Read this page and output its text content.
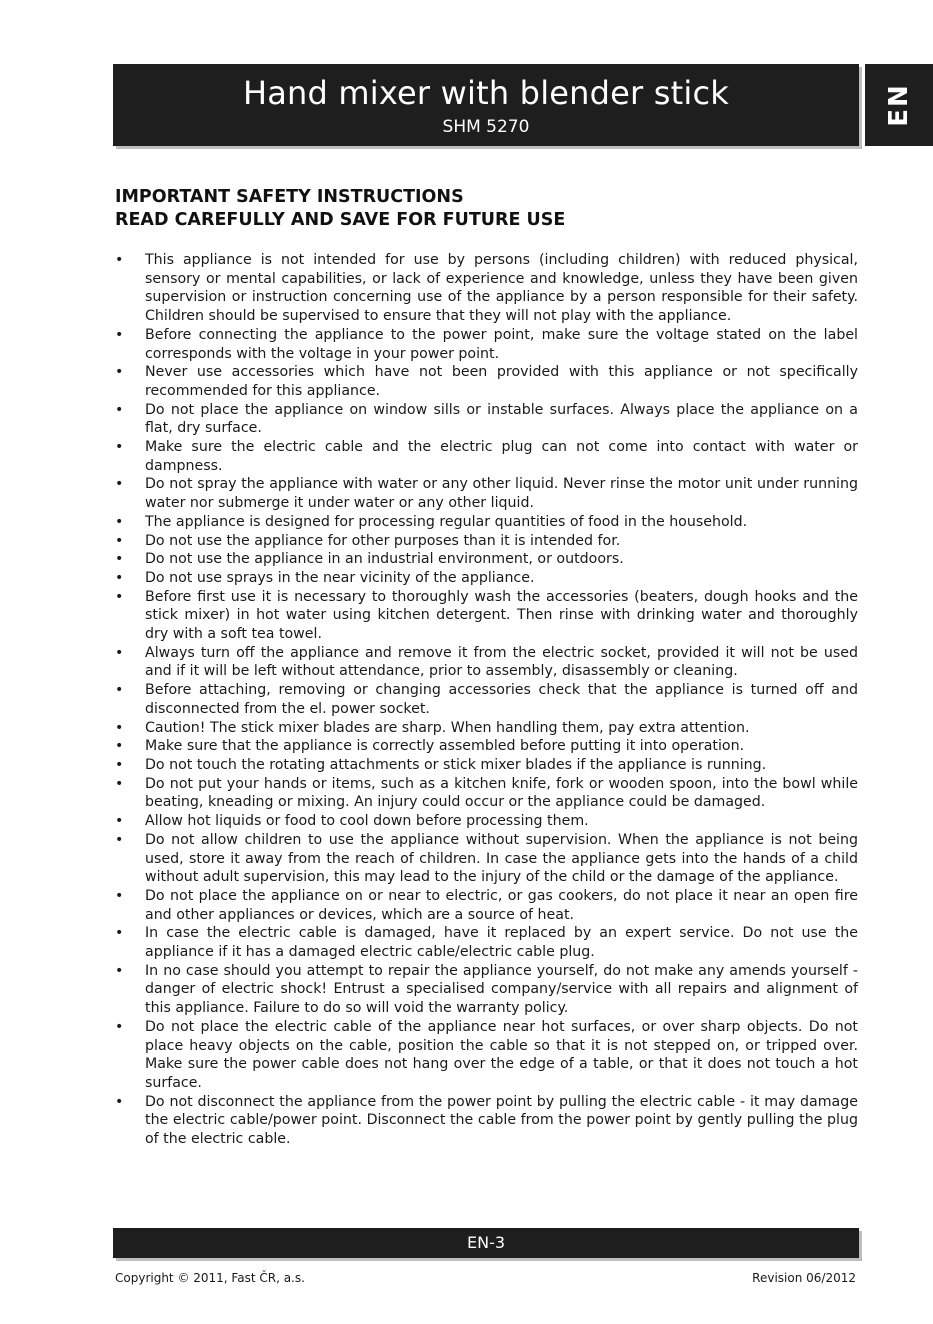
Hand mixer with blender stick
SHM 5270
EN
IMPORTANT SAFETY INSTRUCTIONS
READ CAREFULLY AND SAVE FOR FUTURE USE
• This appliance is not intended for use by persons (including children) with reduced physical, sensory or mental capabilities, or lack of experience and knowledge, unless they have been given supervision or instruction concerning use of the appliance by a person responsible for their safety. Children should be supervised to ensure that they will not play with the appliance.
• Before connecting the appliance to the power point, make sure the voltage stated on the label corresponds with the voltage in your power point.
• Never use accessories which have not been provided with this appliance or not specifically recommended for this appliance.
• Do not place the appliance on window sills or instable surfaces. Always place the appliance on a flat, dry surface.
• Make sure the electric cable and the electric plug can not come into contact with water or dampness.
• Do not spray the appliance with water or any other liquid. Never rinse the motor unit under running water nor submerge it under water or any other liquid.
• The appliance is designed for processing regular quantities of food in the household.
• Do not use the appliance for other purposes than it is intended for.
• Do not use the appliance in an industrial environment, or outdoors.
• Do not use sprays in the near vicinity of the appliance.
• Before first use it is necessary to thoroughly wash the accessories (beaters, dough hooks and the stick mixer) in hot water using kitchen detergent. Then rinse with drinking water and thoroughly dry with a soft tea towel.
• Always turn off the appliance and remove it from the electric socket, provided it will not be used and if it will be left without attendance, prior to assembly, disassembly or cleaning.
• Before attaching, removing or changing accessories check that the appliance is turned off and disconnected from the el. power socket.
• Caution! The stick mixer blades are sharp. When handling them, pay extra attention.
• Make sure that the appliance is correctly assembled before putting it into operation.
• Do not touch the rotating attachments or stick mixer blades if the appliance is running.
• Do not put your hands or items, such as a kitchen knife, fork or wooden spoon, into the bowl while beating, kneading or mixing. An injury could occur or the appliance could be damaged.
• Allow hot liquids or food to cool down before processing them.
• Do not allow children to use the appliance without supervision. When the appliance is not being used, store it away from the reach of children. In case the appliance gets into the hands of a child without adult supervision, this may lead to the injury of the child or the damage of the appliance.
• Do not place the appliance on or near to electric, or gas cookers, do not place it near an open fire and other appliances or devices, which are a source of heat.
• In case the electric cable is damaged, have it replaced by an expert service. Do not use the appliance if it has a damaged electric cable/electric cable plug.
• In no case should you attempt to repair the appliance yourself, do not make any amends yourself - danger of electric shock! Entrust a specialised company/service with all repairs and alignment of this appliance. Failure to do so will void the warranty policy.
• Do not place the electric cable of the appliance near hot surfaces, or over sharp objects. Do not place heavy objects on the cable, position the cable so that it is not stepped on, or tripped over. Make sure the power cable does not hang over the edge of a table, or that it does not touch a hot surface.
• Do not disconnect the appliance from the power point by pulling the electric cable - it may damage the electric cable/power point. Disconnect the cable from the power point by gently pulling the plug of the electric cable.
EN-3
Copyright © 2011, Fast ČR, a.s.	Revision 06/2012
